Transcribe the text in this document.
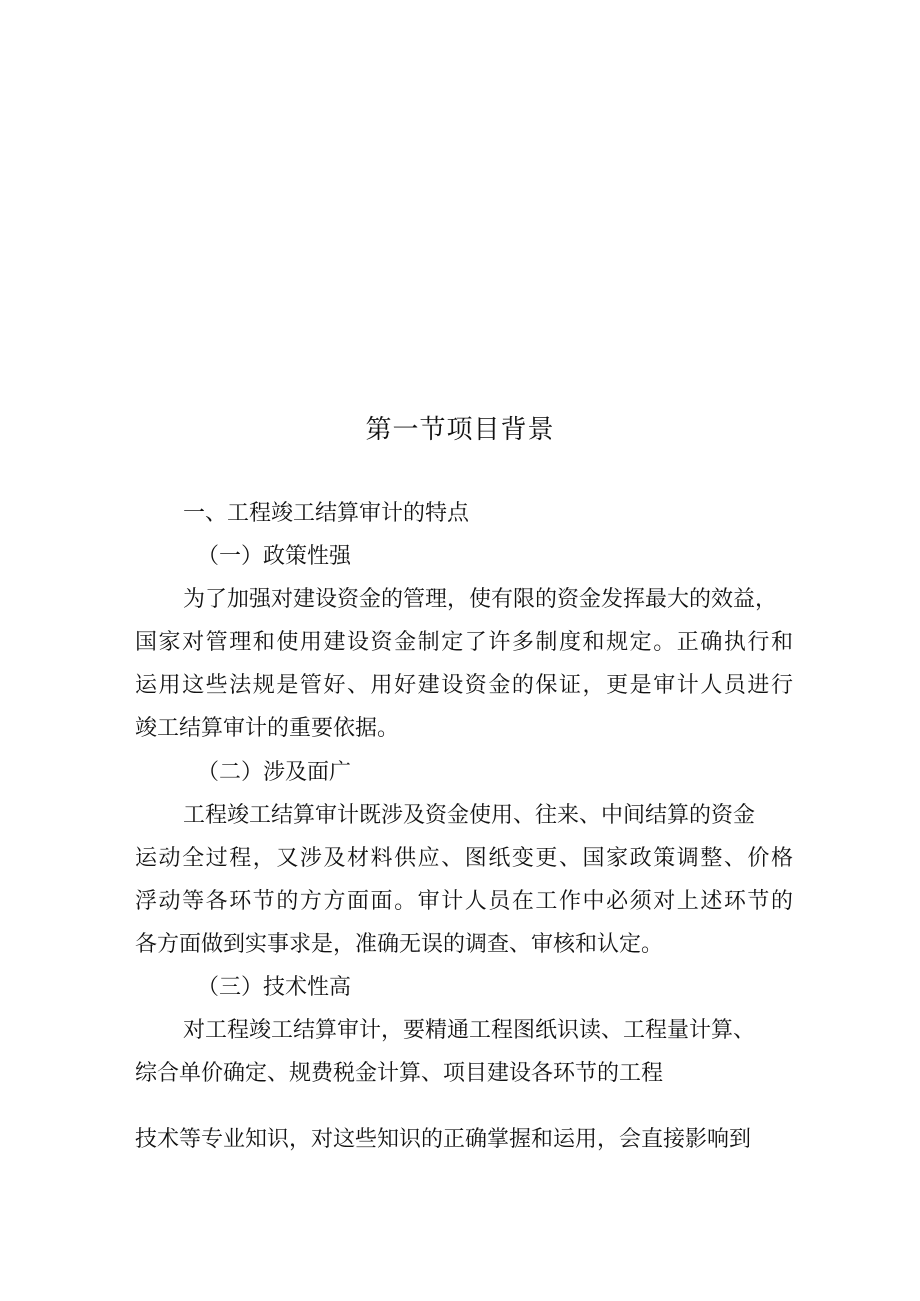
第一节项目背景
一、工程竣工结算审计的特点
（一）政策性强
为了加强对建设资金的管理，使有限的资金发挥最大的效益，
国家对管理和使用建设资金制定了许多制度和规定。正确执行和
运用这些法规是管好、用好建设资金的保证，更是审计人员进行
竣工结算审计的重要依据。
（二）涉及面广
工程竣工结算审计既涉及资金使用、往来、中间结算的资金
运动全过程，又涉及材料供应、图纸变更、国家政策调整、价格
浮动等各环节的方方面面。审计人员在工作中必须对上述环节的
各方面做到实事求是，准确无误的调查、审核和认定。
（三）技术性高
对工程竣工结算审计，要精通工程图纸识读、工程量计算、
综合单价确定、规费税金计算、项目建设各环节的工程
技术等专业知识，对这些知识的正确掌握和运用，会直接影响到
